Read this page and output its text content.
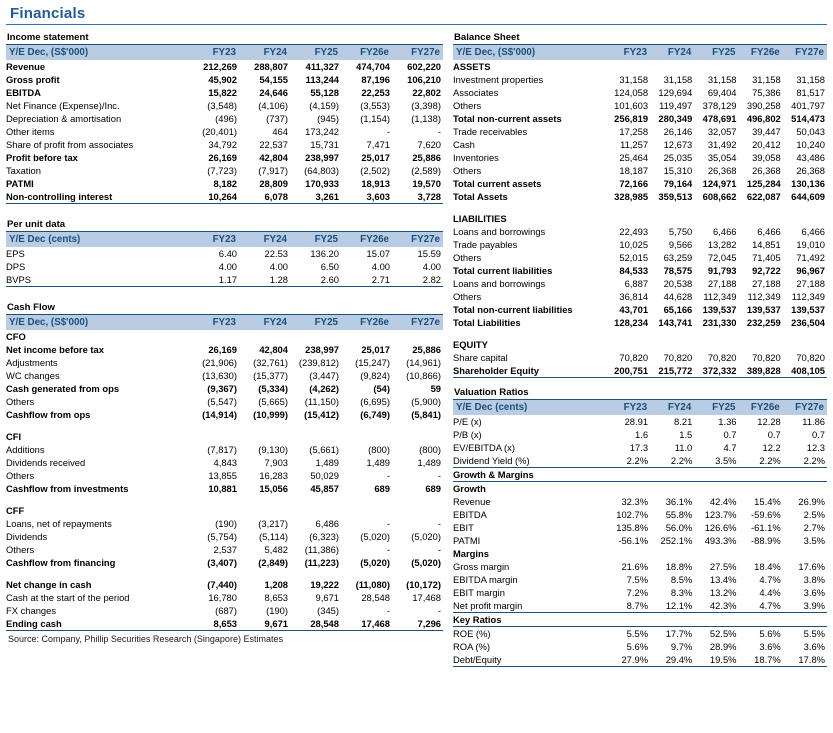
Financials
Income statement
Y/E Dec, (S$'000)	FY23	FY24	FY25	FY26e	FY27e
Revenue	212,269	288,807	411,327	474,704	602,220
Gross profit	45,902	54,155	113,244	87,196	106,210
EBITDA	15,822	24,646	55,128	22,253	22,802
Net Finance (Expense)/Inc.	(3,548)	(4,106)	(4,159)	(3,553)	(3,398)
Depreciation & amortisation	(496)	(737)	(945)	(1,154)	(1,138)
Other items	(20,401)	464	173,242	-	-
Share of profit from associates	34,792	22,537	15,731	7,471	7,620
Profit before tax	26,169	42,804	238,997	25,017	25,886
Taxation	(7,723)	(7,917)	(64,803)	(2,502)	(2,589)
PATMI	8,182	28,809	170,933	18,913	19,570
Non-controlling interest	10,264	6,078	3,261	3,603	3,728
Per unit data
Y/E Dec (cents)	FY23	FY24	FY25	FY26e	FY27e
EPS	6.40	22.53	136.20	15.07	15.59
DPS	4.00	4.00	6.50	4.00	4.00
BVPS	1.17	1.28	2.60	2.71	2.82
Cash Flow
Y/E Dec, (S$'000)	FY23	FY24	FY25	FY26e	FY27e
CFO					
Net income before tax	26,169	42,804	238,997	25,017	25,886
Adjustments	(21,906)	(32,761)	(239,812)	(15,247)	(14,961)
WC changes	(13,630)	(15,377)	(3,447)	(9,824)	(10,866)
Cash generated from ops	(9,367)	(5,334)	(4,262)	(54)	59
Others	(5,547)	(5,665)	(11,150)	(6,695)	(5,900)
Cashflow from ops	(14,914)	(10,999)	(15,412)	(6,749)	(5,841)

CFI					
Additions	(7,817)	(9,130)	(5,661)	(800)	(800)
Dividends received	4,843	7,903	1,489	1,489	1,489
Others	13,855	16,283	50,029	-	-
Cashflow from investments	10,881	15,056	45,857	689	689

CFF					
Loans, net of repayments	(190)	(3,217)	6,486	-	-
Dividends	(5,754)	(5,114)	(6,323)	(5,020)	(5,020)
Others	2,537	5,482	(11,386)	-	-
Cashflow from financing	(3,407)	(2,849)	(11,223)	(5,020)	(5,020)

Net change in cash	(7,440)	1,208	19,222	(11,080)	(10,172)
Cash at the start of the period	16,780	8,653	9,671	28,548	17,468
FX changes	(687)	(190)	(345)	-	-
Ending cash	8,653	9,671	28,548	17,468	7,296
Source: Company, Phillip Securities Research (Singapore) Estimates
Balance Sheet
Y/E Dec, (S$'000)	FY23	FY24	FY25	FY26e	FY27e
ASSETS					
Investment properties	31,158	31,158	31,158	31,158	31,158
Associates	124,058	129,694	69,404	75,386	81,517
Others	101,603	119,497	378,129	390,258	401,797
Total non-current assets	256,819	280,349	478,691	496,802	514,473
Trade receivables	17,258	26,146	32,057	39,447	50,043
Cash	11,257	12,673	31,492	20,412	10,240
Inventories	25,464	25,035	35,054	39,058	43,486
Others	18,187	15,310	26,368	26,368	26,368
Total current assets	72,166	79,164	124,971	125,284	130,136
Total Assets	328,985	359,513	608,662	622,087	644,609

LIABILITIES					
Loans and borrowings	22,493	5,750	6,466	6,466	6,466
Trade payables	10,025	9,566	13,282	14,851	19,010
Others	52,015	63,259	72,045	71,405	71,492
Total current liabilities	84,533	78,575	91,793	92,722	96,967
Loans and borrowings	6,887	20,538	27,188	27,188	27,188
Others	36,814	44,628	112,349	112,349	112,349
Total non-current liabilities	43,701	65,166	139,537	139,537	139,537
Total Liabilities	128,234	143,741	231,330	232,259	236,504

EQUITY					
Share capital	70,820	70,820	70,820	70,820	70,820
Shareholder Equity	200,751	215,772	372,332	389,828	408,105
Valuation Ratios
Y/E Dec (cents)	FY23	FY24	FY25	FY26e	FY27e
P/E (x)	28.91	8.21	1.36	12.28	11.86
P/B (x)	1.6	1.5	0.7	0.7	0.7
EV/EBITDA (x)	17.3	11.0	4.7	12.2	12.3
Dividend Yield (%)	2.2%	2.2%	3.5%	2.2%	2.2%
Growth & Margins					
Growth					
Revenue	32.3%	36.1%	42.4%	15.4%	26.9%
EBITDA	102.7%	55.8%	123.7%	-59.6%	2.5%
EBIT	135.8%	56.0%	126.6%	-61.1%	2.7%
PATMI	-56.1%	252.1%	493.3%	-88.9%	3.5%
Margins					
Gross margin	21.6%	18.8%	27.5%	18.4%	17.6%
EBITDA margin	7.5%	8.5%	13.4%	4.7%	3.8%
EBIT margin	7.2%	8.3%	13.2%	4.4%	3.6%
Net profit margin	8.7%	12.1%	42.3%	4.7%	3.9%
Key Ratios					
ROE (%)	5.5%	17.7%	52.5%	5.6%	5.5%
ROA (%)	5.6%	9.7%	28.9%	3.6%	3.6%
Debt/Equity	27.9%	29.4%	19.5%	18.7%	17.8%
